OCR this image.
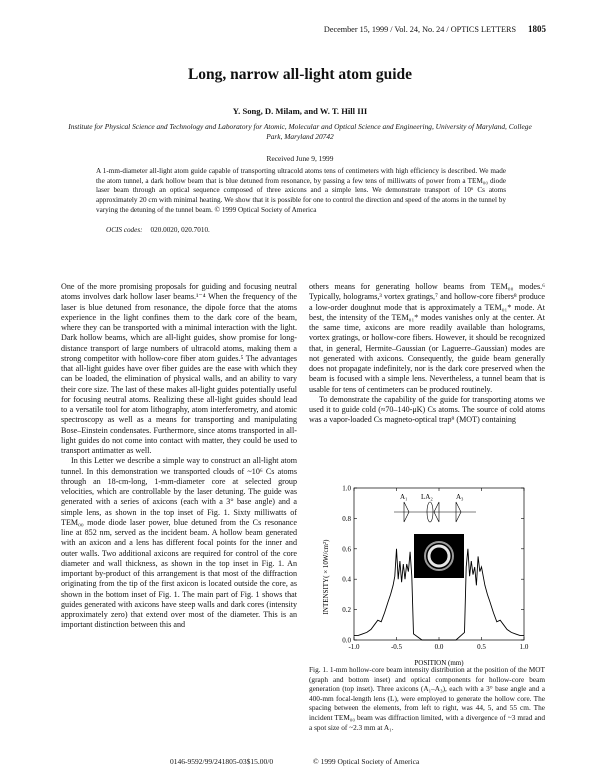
December 15, 1999 / Vol. 24, No. 24 / OPTICS LETTERS 1805
Long, narrow all-light atom guide
Y. Song, D. Milam, and W. T. Hill III
Institute for Physical Science and Technology and Laboratory for Atomic, Molecular and Optical Science and Engineering, University of Maryland, College Park, Maryland 20742
Received June 9, 1999
A 1-mm-diameter all-light atom guide capable of transporting ultracold atoms tens of centimeters with high efficiency is described. We made the atom tunnel, a dark hollow beam that is blue detuned from resonance, by passing a few tens of milliwatts of power from a TEM₀₀ diode laser beam through an optical sequence composed of three axicons and a simple lens. We demonstrate transport of 10⁶ Cs atoms approximately 20 cm with minimal heating. We show that it is possible for one to control the direction and speed of the atoms in the tunnel by varying the detuning of the tunnel beam. © 1999 Optical Society of America
OCIS codes: 020.0020, 020.7010.

One of the more promising proposals for guiding and focusing neutral atoms involves dark hollow laser beams.¹⁻⁴ When the frequency of the laser is blue detuned from resonance, the dipole force that the atoms experience in the light confines them to the dark core of the beam, where they can be transported with a minimal interaction with the light. Dark hollow beams, which are all-light guides, show promise for long-distance transport of large numbers of ultracold atoms, making them a strong competitor with hollow-core fiber atom guides.⁵ The advantages that all-light guides have over fiber guides are the ease with which they can be loaded, the elimination of physical walls, and an ability to vary their core size. The last of these makes all-light guides potentially useful for focusing neutral atoms. Realizing these all-light guides should lead to a versatile tool for atom lithography, atom interferometry, and atomic spectroscopy as well as a means for transporting and manipulating Bose–Einstein condensates. Furthermore, since atoms transported in all-light guides do not come into contact with matter, they could be used to transport antimatter as well.

In this Letter we describe a simple way to construct an all-light atom tunnel. In this demonstration we transported clouds of ~10⁶ Cs atoms through an 18-cm-long, 1-mm-diameter core at selected group velocities, which are controllable by the laser detuning. The guide was generated with a series of axicons (each with a 3° base angle) and a simple lens, as shown in the top inset of Fig. 1. Sixty milliwatts of TEM₀₀ mode diode laser power, blue detuned from the Cs resonance line at 852 nm, served as the incident beam. A hollow beam generated with an axicon and a lens has different focal points for the inner and outer walls. Two additional axicons are required for control of the core diameter and wall thickness, as shown in the top inset in Fig. 1. An important by-product of this arrangement is that most of the diffraction originating from the tip of the first axicon is located outside the core, as shown in the bottom inset of Fig. 1. The main part of Fig. 1 shows that guides generated with axicons have steep walls and dark cores (intensity approximately zero) that extend over most of the diameter. This is an important distinction between this and

others means for generating hollow beams from TEM₀₀ modes.⁶ Typically, holograms,³ vortex gratings,⁷ and hollow-core fibers⁸ produce a low-order doughnut mode that is approximately a TEM₀₁* mode. At best, the intensity of the TEM₀₁* modes vanishes only at the center. At the same time, axicons are more readily available than holograms, vortex gratings, or hollow-core fibers. However, it should be recognized that, in general, Hermite–Gaussian (or Laguerre–Gaussian) modes are not generated with axicons. Consequently, the guide beam generally does not propagate indefinitely, nor is the dark core preserved when the beam is focused with a simple lens. Nevertheless, a tunnel beam that is usable for tens of centimeters can be produced routinely.

To demonstrate the capability of the guide for transporting atoms we used it to guide cold (≈70–140-μK) Cs atoms. The source of cold atoms was a vapor-loaded Cs magneto-optical trap⁹ (MOT) containing

0.0
0.2
0.4
0.6
0.8
1.0
-1.0	-0.5	0.0	0.5	1.0
A₁ LA₂	A₃
INTENSITY( × 10W/cm²)
POSITION (mm)
Fig. 1. 1-mm hollow-core beam intensity distribution at the position of the MOT (graph and bottom inset) and optical components for hollow-core beam generation (top inset). Three axicons (A₁–A₃), each with a 3° base angle and a 400-mm focal-length lens (L), were employed to generate the hollow core. The spacing between the elements, from left to right, was 44, 5, and 55 cm. The incident TEM₀₀ beam was diffraction limited, with a divergence of ~3 mrad and a spot size of ~2.3 mm at A₁.
0146-9592/99/241805-03$15.00/0	© 1999 Optical Society of America
